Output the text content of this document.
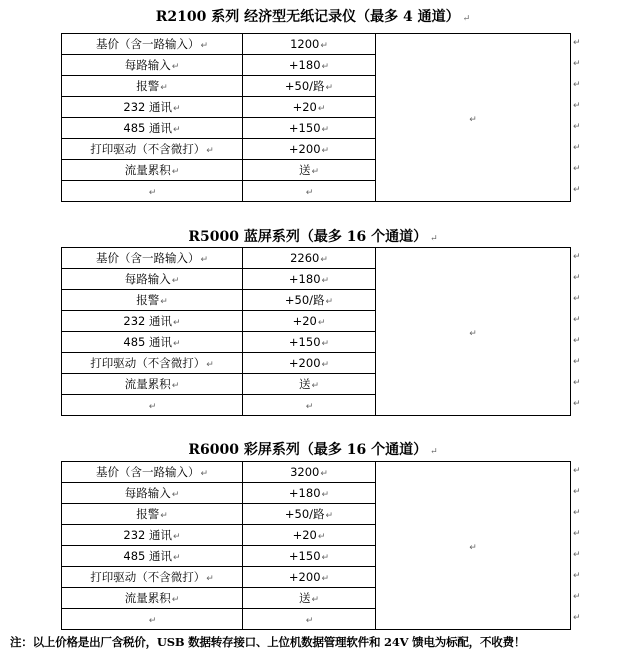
R2100 系列 经济型无纸记录仪（最多 4 通道） ↵
基价（含一路输入）↵	1200↵	↵
每路输入↵	+180↵	
报警↵	+50/路↵	
232 通讯↵	+20↵	
485 通讯↵	+150↵	
打印驱动（不含微打）↵	+200↵	
流量累积↵	送↵	
↵	↵	
↵
↵
↵
↵
↵
↵
↵
↵
R5000 蓝屏系列（最多 16 个通道） ↵
基价（含一路输入）↵	2260↵	↵
每路输入↵	+180↵	
报警↵	+50/路↵	
232 通讯↵	+20↵	
485 通讯↵	+150↵	
打印驱动（不含微打）↵	+200↵	
流量累积↵	送↵	
↵	↵	
↵
↵
↵
↵
↵
↵
↵
↵
R6000 彩屏系列（最多 16 个通道） ↵
基价（含一路输入）↵	3200↵	↵
每路输入↵	+180↵	
报警↵	+50/路↵	
232 通讯↵	+20↵	
485 通讯↵	+150↵	
打印驱动（不含微打）↵	+200↵	
流量累积↵	送↵	
↵	↵	
↵
↵
↵
↵
↵
↵
↵
↵
注：以上价格是出厂含税价，USB 数据转存接口、上位机数据管理软件和 24V 馈电为标配，不收费！
